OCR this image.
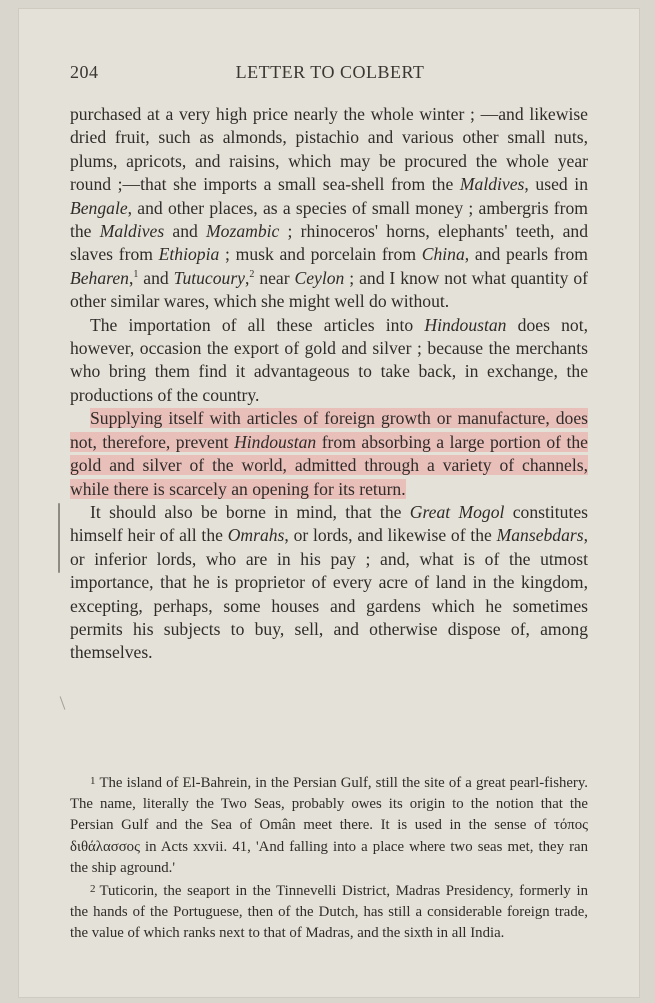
204	LETTER TO COLBERT

purchased at a very high price nearly the whole winter ; —and likewise dried fruit, such as almonds, pistachio and various other small nuts, plums, apricots, and raisins, which may be procured the whole year round ;—that she imports a small sea-shell from the Maldives, used in Bengale, and other places, as a species of small money ; ambergris from the Maldives and Mozambic ; rhinoceros' horns, elephants' teeth, and slaves from Ethiopia ; musk and porcelain from China, and pearls from Beharen,$^1$ and Tutucoury,$^2$ near Ceylon ; and I know not what quantity of other similar wares, which she might well do without.

The importation of all these articles into Hindoustan does not, however, occasion the export of gold and silver ; because the merchants who bring them find it advantageous to take back, in exchange, the productions of the country.

Supplying itself with articles of foreign growth or manufacture, does not, therefore, prevent Hindoustan from absorbing a large portion of the gold and silver of the world, admitted through a variety of channels, while there is scarcely an opening for its return.

It should also be borne in mind, that the Great Mogol constitutes himself heir of all the Omrahs, or lords, and likewise of the Mansebdars, or inferior lords, who are in his pay ; and, what is of the utmost importance, that he is proprietor of every acre of land in the kingdom, excepting, perhaps, some houses and gardens which he sometimes permits his subjects to buy, sell, and otherwise dispose of, among themselves.

$^1$ The island of El-Bahrein, in the Persian Gulf, still the site of a great pearl-fishery. The name, literally the Two Seas, probably owes its origin to the notion that the Persian Gulf and the Sea of Omân meet there. It is used in the sense of τόπος διθάλασσος in Acts xxvii. 41, 'And falling into a place where two seas met, they ran the ship aground.'

$^2$ Tuticorin, the seaport in the Tinnevelli District, Madras Presidency, formerly in the hands of the Portuguese, then of the Dutch, has still a considerable foreign trade, the value of which ranks next to that of Madras, and the sixth in all India.
